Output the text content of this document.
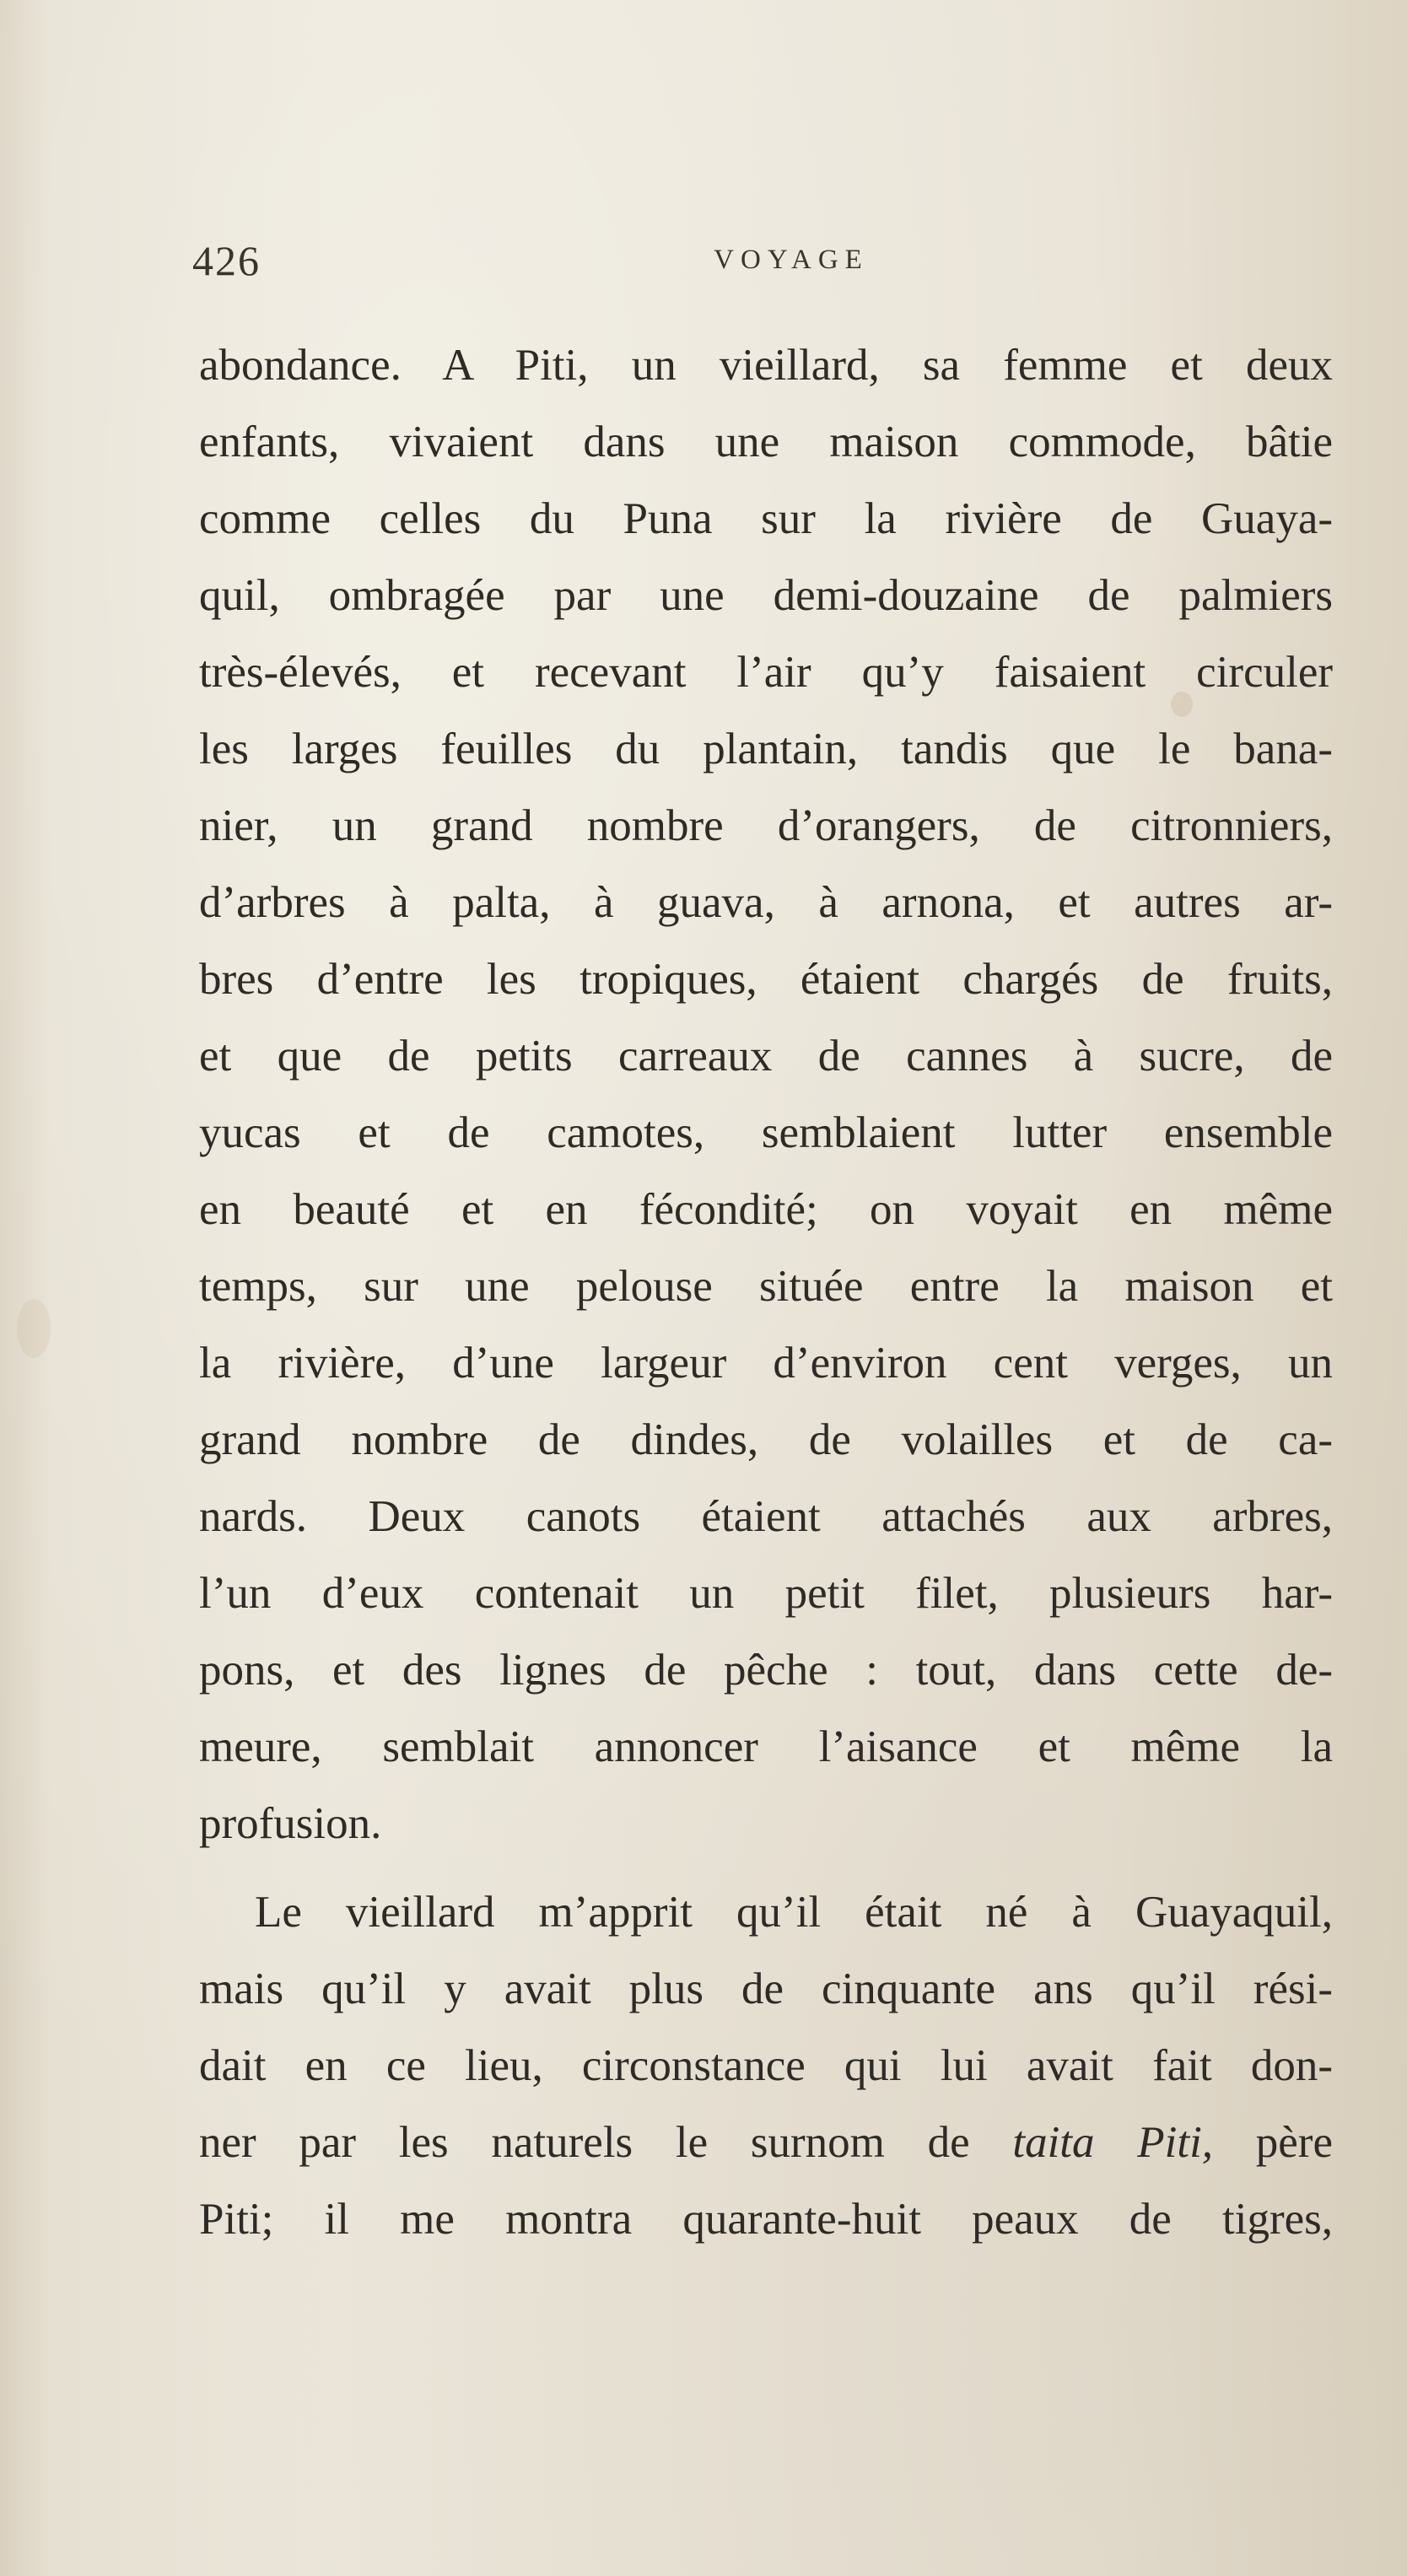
426	VOYAGE
abondance. A Piti, un vieillard, sa femme et deux
enfants, vivaient dans une maison commode, bâtie
comme celles du Puna sur la rivière de Guaya-
quil, ombragée par une demi-douzaine de palmiers
très-élevés, et recevant l’air qu’y faisaient circuler
les larges feuilles du plantain, tandis que le bana-
nier, un grand nombre d’orangers, de citronniers,
d’arbres à palta, à guava, à arnona, et autres ar-
bres d’entre les tropiques, étaient chargés de fruits,
et que de petits carreaux de cannes à sucre, de
yucas et de camotes, semblaient lutter ensemble
en beauté et en fécondité; on voyait en même
temps, sur une pelouse située entre la maison et
la rivière, d’une largeur d’environ cent verges, un
grand nombre de dindes, de volailles et de ca-
nards. Deux canots étaient attachés aux arbres,
l’un d’eux contenait un petit filet, plusieurs har-
pons, et des lignes de pêche : tout, dans cette de-
meure, semblait annoncer l’aisance et même la
profusion.
Le vieillard m’apprit qu’il était né à Guayaquil,
mais qu’il y avait plus de cinquante ans qu’il rési-
dait en ce lieu, circonstance qui lui avait fait don-
ner par les naturels le surnom de taita Piti, père
Piti; il me montra quarante-huit peaux de tigres,
